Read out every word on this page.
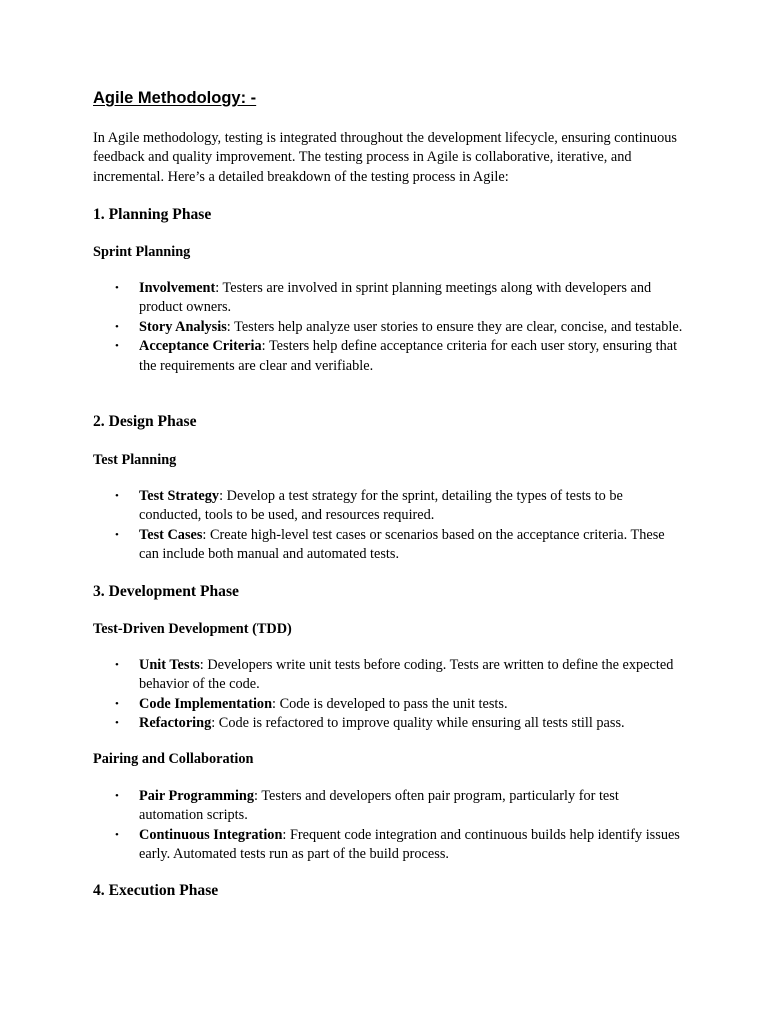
Agile Methodology: -

In Agile methodology, testing is integrated throughout the development lifecycle, ensuring continuous feedback and quality improvement. The testing process in Agile is collaborative, iterative, and incremental. Here’s a detailed breakdown of the testing process in Agile:

1. Planning Phase
Sprint Planning
• Involvement: Testers are involved in sprint planning meetings along with developers and product owners.
• Story Analysis: Testers help analyze user stories to ensure they are clear, concise, and testable.
• Acceptance Criteria: Testers help define acceptance criteria for each user story, ensuring that the requirements are clear and verifiable.
2. Design Phase
Test Planning
• Test Strategy: Develop a test strategy for the sprint, detailing the types of tests to be conducted, tools to be used, and resources required.
• Test Cases: Create high-level test cases or scenarios based on the acceptance criteria. These can include both manual and automated tests.
3. Development Phase
Test-Driven Development (TDD)
• Unit Tests: Developers write unit tests before coding. Tests are written to define the expected behavior of the code.
• Code Implementation: Code is developed to pass the unit tests.
• Refactoring: Code is refactored to improve quality while ensuring all tests still pass.
Pairing and Collaboration
• Pair Programming: Testers and developers often pair program, particularly for test automation scripts.
• Continuous Integration: Frequent code integration and continuous builds help identify issues early. Automated tests run as part of the build process.
4. Execution Phase
